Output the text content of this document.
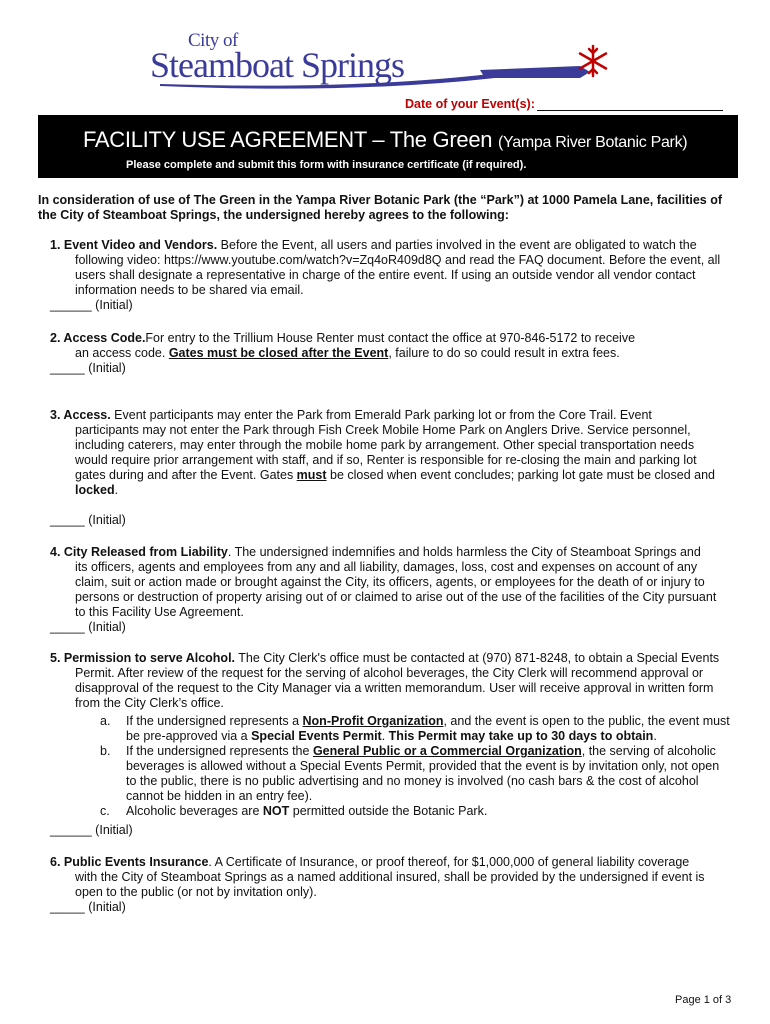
City of
Steamboat Springs
Date of your Event(s):
FACILITY USE AGREEMENT – The Green (Yampa River Botanic Park)
Please complete and submit this form with insurance certificate (if required).
In consideration of use of The Green in the Yampa River Botanic Park (the “Park”) at 1000 Pamela Lane, facilities of the City of Steamboat Springs, the undersigned hereby agrees to the following:
1. Event Video and Vendors. Before the Event, all users and parties involved in the event are obligated to watch the
following video: https://www.youtube.com/watch?v=Zq4oR409d8Q and read the FAQ document. Before the event, all users shall designate a representative in charge of the entire event. If using an outside vendor all vendor contact information needs to be shared via email.
______ (Initial)
2. Access Code.For entry to the Trillium House Renter must contact the office at 970-846-5172 to receive
an access code. Gates must be closed after the Event, failure to do so could result in extra fees.
_____ (Initial)
3. Access. Event participants may enter the Park from Emerald Park parking lot or from the Core Trail. Event
participants may not enter the Park through Fish Creek Mobile Home Park on Anglers Drive. Service personnel, including caterers, may enter through the mobile home park by arrangement. Other special transportation needs would require prior arrangement with staff, and if so, Renter is responsible for re-closing the main and parking lot gates during and after the Event. Gates must be closed when event concludes; parking lot gate must be closed and locked.
_____ (Initial)
4. City Released from Liability. The undersigned indemnifies and holds harmless the City of Steamboat Springs and
its officers, agents and employees from any and all liability, damages, loss, cost and expenses on account of any claim, suit or action made or brought against the City, its officers, agents, or employees for the death of or injury to persons or destruction of property arising out of or claimed to arise out of the use of the facilities of the City pursuant to this Facility Use Agreement.
_____ (Initial)
5. Permission to serve Alcohol. The City Clerk's office must be contacted at (970) 871-8248, to obtain a Special Events
Permit. After review of the request for the serving of alcohol beverages, the City Clerk will recommend approval or disapproval of the request to the City Manager via a written memorandum. User will receive approval in written form from the City Clerk’s office.
a.	If the undersigned represents a Non-Profit Organization, and the event is open to the public, the event must be pre-approved via a Special Events Permit. This Permit may take up to 30 days to obtain.
b.	If the undersigned represents the General Public or a Commercial Organization, the serving of alcoholic beverages is allowed without a Special Events Permit, provided that the event is by invitation only, not open to the public, there is no public advertising and no money is involved (no cash bars & the cost of alcohol cannot be hidden in an entry fee).
c.	Alcoholic beverages are NOT permitted outside the Botanic Park.
______ (Initial)
6. Public Events Insurance. A Certificate of Insurance, or proof thereof, for $1,000,000 of general liability coverage
with the City of Steamboat Springs as a named additional insured, shall be provided by the undersigned if event is open to the public (or not by invitation only).
_____ (Initial)
Page 1 of 3
